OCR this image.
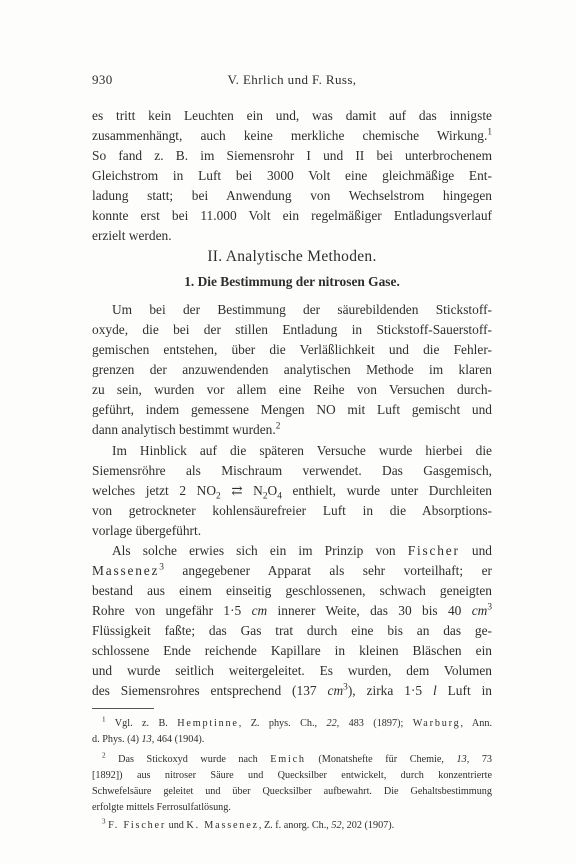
930	V. Ehrlich und F. Russ,
es tritt kein Leuchten ein und, was damit auf das innigste
zusammenhängt, auch keine merkliche chemische Wirkung.$^1$
So fand z. B. im Siemensrohr I und II bei unterbrochenem
Gleichstrom in Luft bei 3000 Volt eine gleichmäßige Ent-
ladung statt; bei Anwendung von Wechselstrom hingegen
konnte erst bei 11.000 Volt ein regelmäßiger Entladungsverlauf
erzielt werden.
II. Analytische Methoden.
1. Die Bestimmung der nitrosen Gase.
Um bei der Bestimmung der säurebildenden Stickstoff-
oxyde, die bei der stillen Entladung in Stickstoff-Sauerstoff-
gemischen entstehen, über die Verläßlichkeit und die Fehler-
grenzen der anzuwendenden analytischen Methode im klaren
zu sein, wurden vor allem eine Reihe von Versuchen durch-
geführt, indem gemessene Mengen NO mit Luft gemischt und
dann analytisch bestimmt wurden.$^2$
Im Hinblick auf die späteren Versuche wurde hierbei die
Siemensröhre als Mischraum verwendet. Das Gasgemisch,
welches jetzt 2 $NO_2$ ⇄ $N_2O_4$ enthielt, wurde unter Durchleiten
von getrockneter kohlensäurefreier Luft in die Absorptions-
vorlage übergeführt.
Als solche erwies sich ein im Prinzip von Fischer und
Massenez$^3$ angegebener Apparat als sehr vorteilhaft; er
bestand aus einem einseitig geschlossenen, schwach geneigten
Rohre von ungefähr 1·5 cm innerer Weite, das 30 bis 40 $cm^3$
Flüssigkeit faßte; das Gas trat durch eine bis an das ge-
schlossene Ende reichende Kapillare in kleinen Bläschen ein
und wurde seitlich weitergeleitet. Es wurden, dem Volumen
des Siemensrohres entsprechend (137 $cm^3$), zirka 1·5 l Luft in
$^1$ Vgl. z. B. Hemptinne, Z. phys. Ch., 22, 483 (1897); Warburg, Ann.
d. Phys. (4) 13, 464 (1904).
$^2$ Das Stickoxyd wurde nach Emich (Monatshefte für Chemie, 13, 73
[1892]) aus nitroser Säure und Quecksilber entwickelt, durch konzentrierte
Schwefelsäure geleitet und über Quecksilber aufbewahrt. Die Gehaltsbestimmung
erfolgte mittels Ferrosulfatlösung.
$^3$ F. Fischer und K. Massenez, Z. f. anorg. Ch., 52, 202 (1907).
